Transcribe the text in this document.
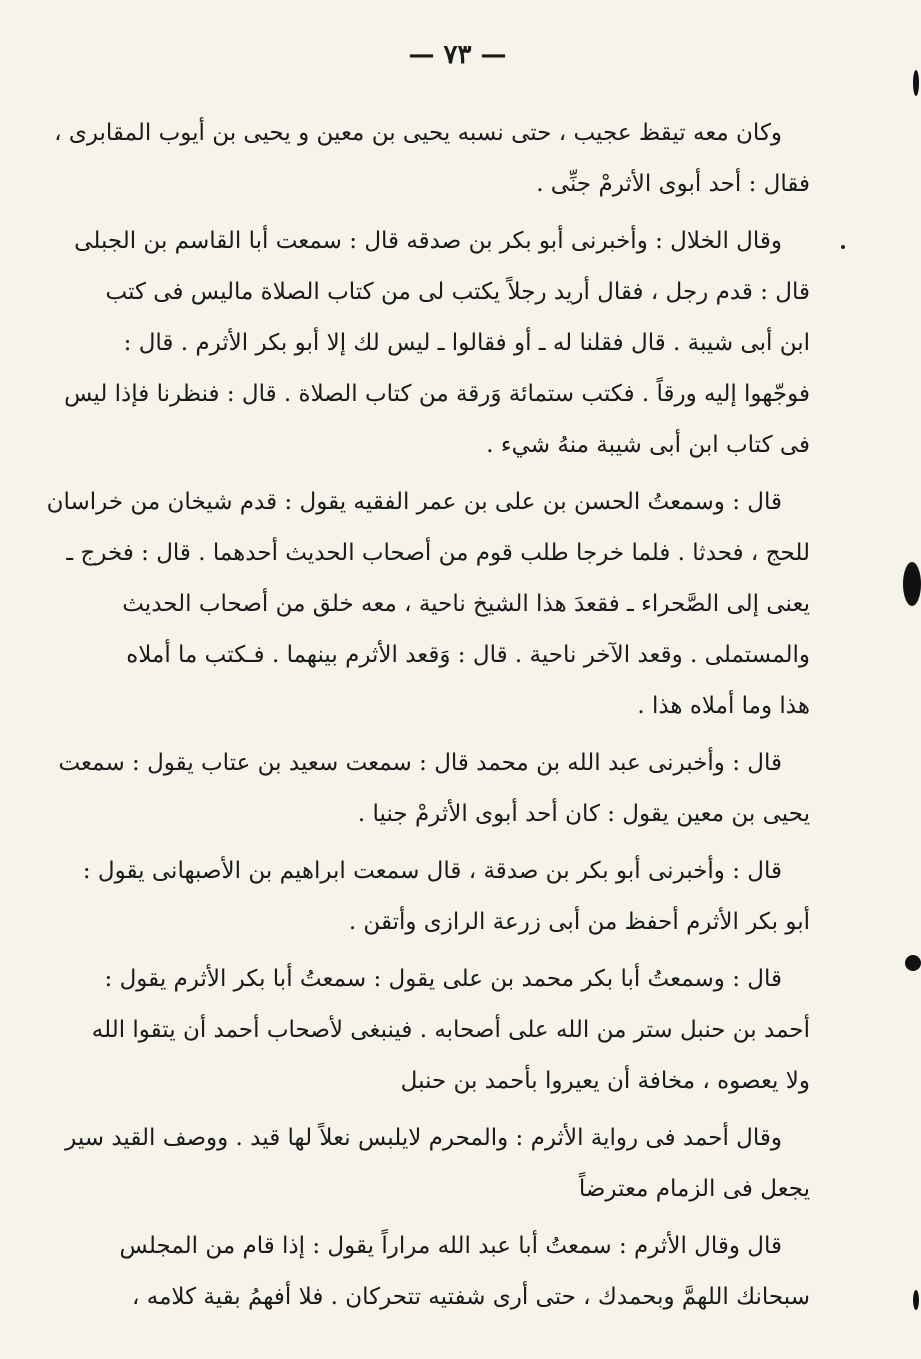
— ٧٣ —
وكان معه تيقظ عجيب ، حتى نسبه يحيى بن معين و يحيى بن أيوب المقابرى ،
فقال : أحد أبوى الأثرمْ جنِّى .
وقال الخلال : وأخبرنى أبو بكر بن صدقه قال : سمعت أبا القاسم بن الجبلى
قال : قدم رجل ، فقال أريد رجلاً يكتب لى من كتاب الصلاة ماليس فى كتب
ابن أبى شيبة . قال فقلنا له ـ أو فقالوا ـ ليس لك إلا أبو بكر الأثرم . قال :
فوجّهوا إليه ورقاً . فكتب ستمائة وَرقة من كتاب الصلاة . قال : فنظرنا فإذا ليس
فى كتاب ابن أبى شيبة منهُ شيء .
قال : وسمعتُ الحسن بن على بن عمر الفقيه يقول : قدم شيخان من خراسان
للحج ، فحدثا . فلما خرجا طلب قوم من أصحاب الحديث أحدهما . قال : فخرج ـ
يعنى إلى الصَّحراء ـ فقعدَ هذا الشيخ ناحية ، معه خلق من أصحاب الحديث
والمستملى . وقعد الآخر ناحية . قال : وَقعد الأثرم بينهما . فـكتب ما أملاه
هذا وما أملاه هذا .
قال : وأخبرنى عبد الله بن محمد قال : سمعت سعيد بن عتاب يقول : سمعت
يحيى بن معين يقول : كان أحد أبوى الأثرمْ جنيا .
قال : وأخبرنى أبو بكر بن صدقة ، قال سمعت ابراهيم بن الأصبهانى يقول :
أبو بكر الأثرم أحفظ من أبى زرعة الرازى وأتقن .
قال : وسمعتُ أبا بكر محمد بن على يقول : سمعتُ أبا بكر الأثرم يقول :
أحمد بن حنبل ستر من الله على أصحابه . فينبغى لأصحاب أحمد أن يتقوا الله
ولا يعصوه ، مخافة أن يعيروا بأحمد بن حنبل
وقال أحمد فى رواية الأثرم : والمحرم لايلبس نعلاً لها قيد . ووصف القيد سير
يجعل فى الزمام معترضاً
قال وقال الأثرم : سمعتُ أبا عبد الله مراراً يقول : إذا قام من المجلس
سبحانك اللهمَّ وبحمدك ، حتى أرى شفتيه تتحركان . فلا أفهمُ بقية كلامه ،
